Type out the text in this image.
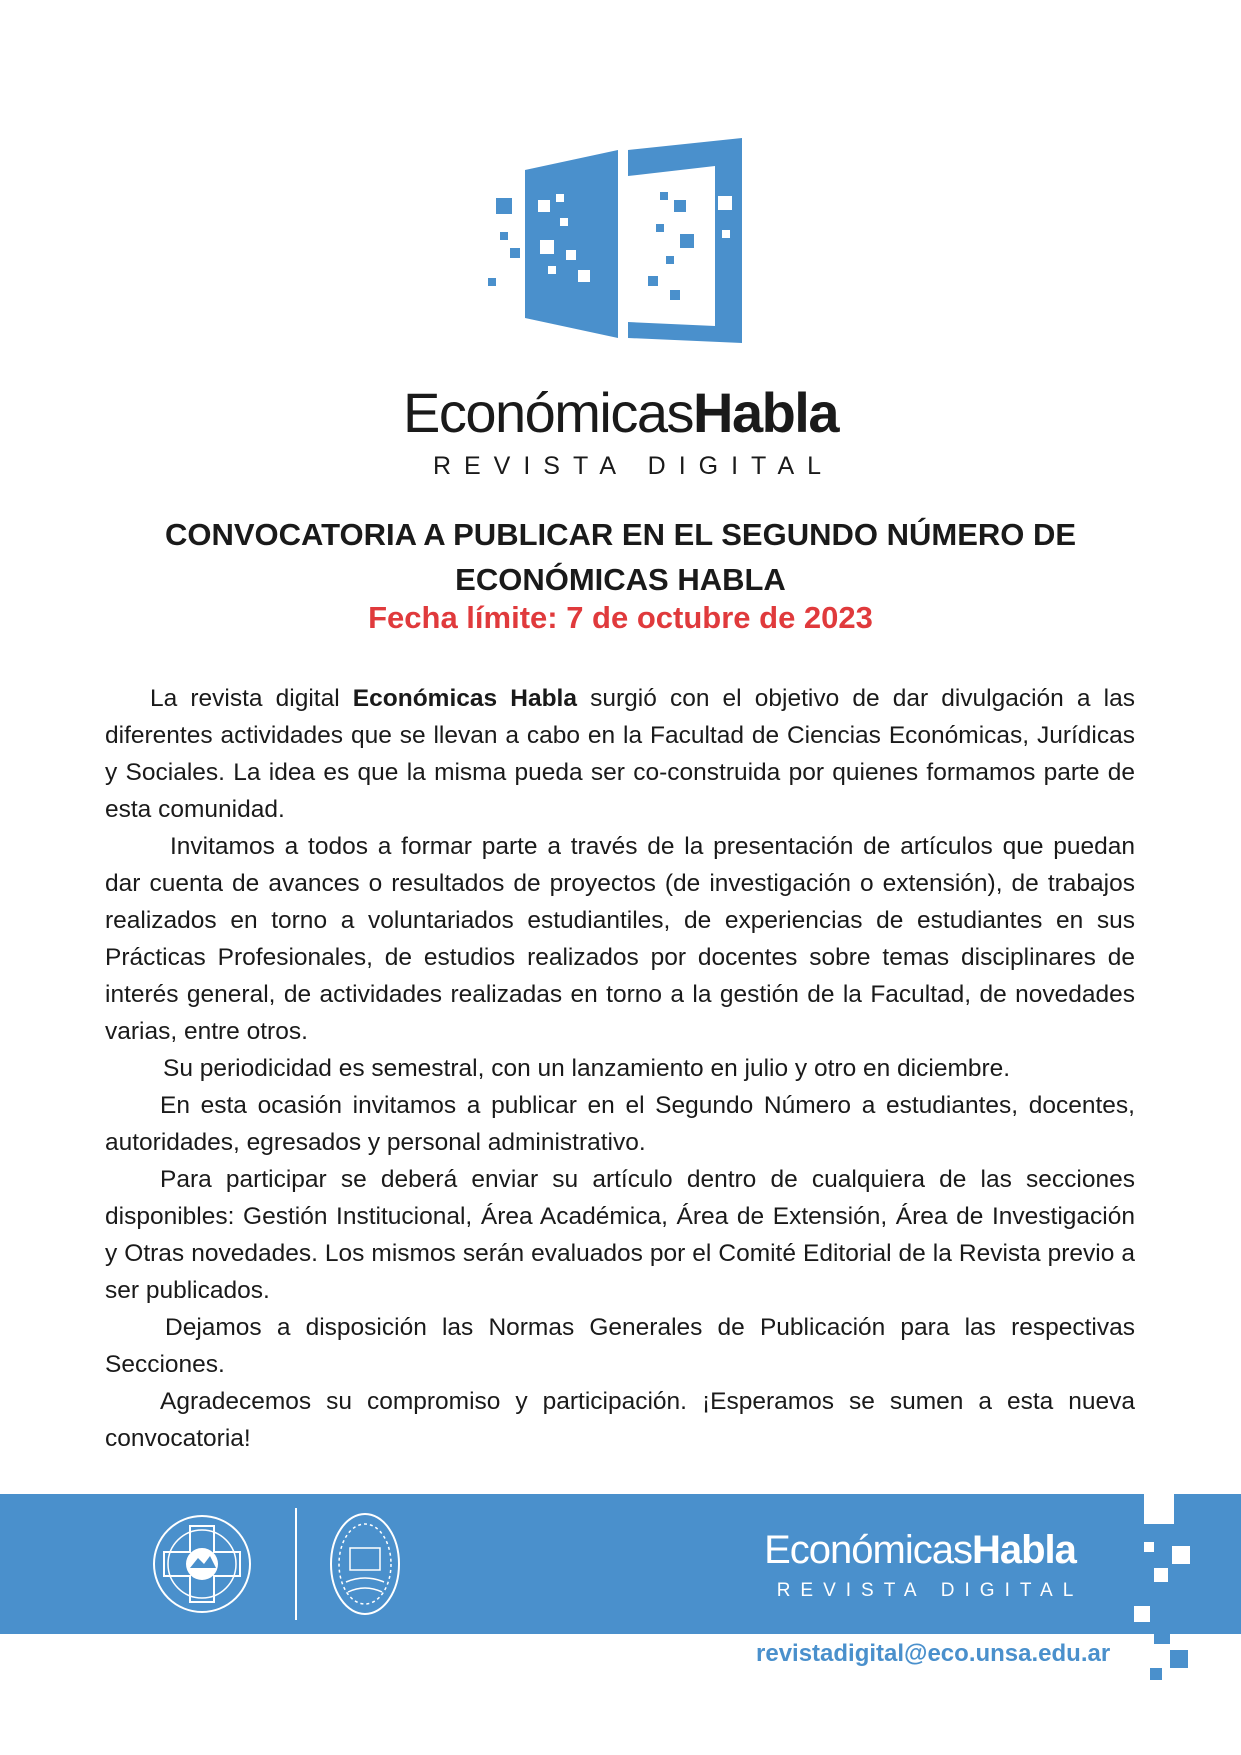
EconómicasHabla
REVISTA DIGITAL
CONVOCATORIA A PUBLICAR EN EL SEGUNDO NÚMERO DE
ECONÓMICAS HABLA
Fecha límite: 7 de octubre de 2023

La revista digital Económicas Habla surgió con el objetivo de dar divulgación a las diferentes actividades que se llevan a cabo en la Facultad de Ciencias Económicas, Jurídicas y Sociales. La idea es que la misma pueda ser co-construida por quienes formamos parte de esta comunidad.

Invitamos a todos a formar parte a través de la presentación de artículos que puedan dar cuenta de avances o resultados de proyectos (de investigación o extensión), de trabajos realizados en torno a voluntariados estudiantiles, de experiencias de estudiantes en sus Prácticas Profesionales, de estudios realizados por docentes sobre temas disciplinares de interés general, de actividades realizadas en torno a la gestión de la Facultad, de novedades varias, entre otros.

Su periodicidad es semestral, con un lanzamiento en julio y otro en diciembre.

En esta ocasión invitamos a publicar en el Segundo Número a estudiantes, docentes, autoridades, egresados y personal administrativo.

Para participar se deberá enviar su artículo dentro de cualquiera de las secciones disponibles: Gestión Institucional, Área Académica, Área de Extensión, Área de Investigación y Otras novedades. Los mismos serán evaluados por el Comité Editorial de la Revista previo a ser publicados.

Dejamos a disposición las Normas Generales de Publicación para las respectivas Secciones.

Agradecemos su compromiso y participación. ¡Esperamos se sumen a esta nueva convocatoria!

EconómicasHabla
REVISTA DIGITAL
revistadigital@eco.unsa.edu.ar
